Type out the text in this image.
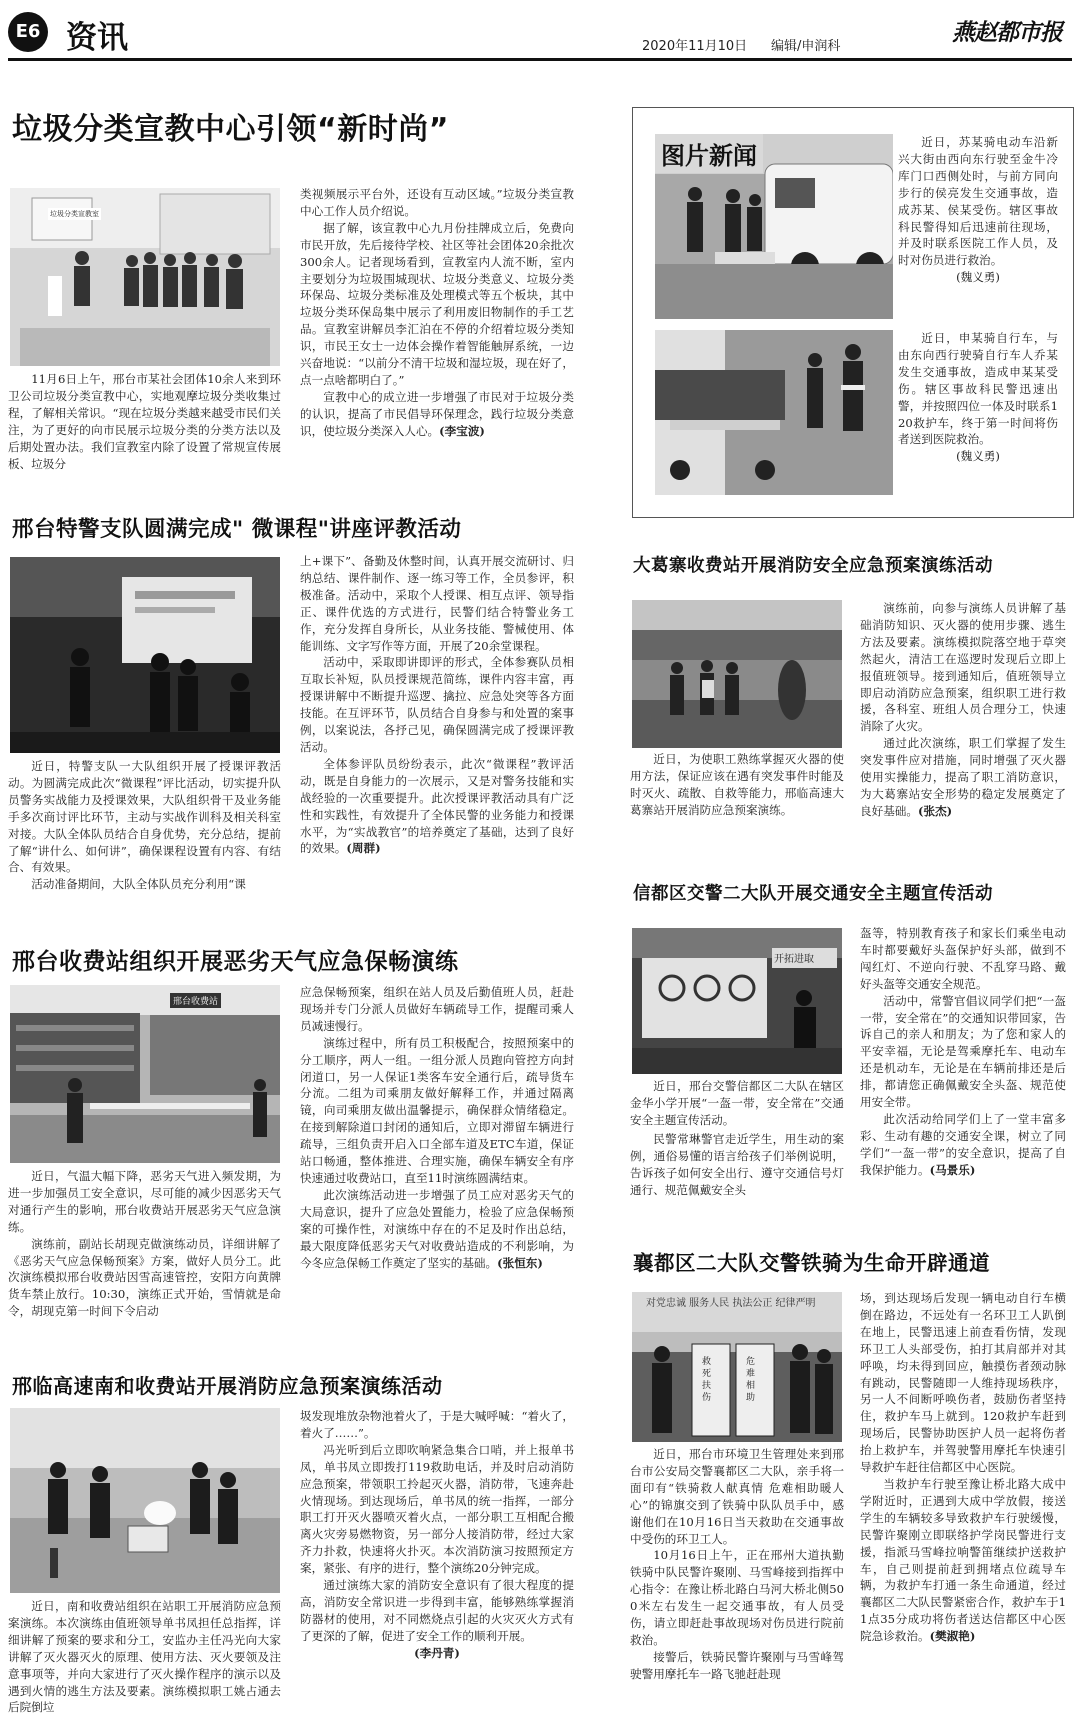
E6 资讯	2020年11月10日 编辑/申润科
燕赵都市报
垃圾分类宣教中心引领“新时尚”
垃圾分类宣教室

11月6日上午，邢台市某社会团体10余人来到环卫公司垃圾分类宣教中心，实地观摩垃圾分类收集过程，了解相关常识。“现在垃圾分类越来越受市民们关注，为了更好的向市民展示垃圾分类的分类方法以及后期处置办法。我们宣教室内除了设置了常规宣传展板、垃圾分

类视频展示平台外，还设有互动区域。”垃圾分类宣教中心工作人员介绍说。

据了解，该宣教中心九月份挂牌成立后，免费向市民开放，先后接待学校、社区等社会团体20余批次300余人。记者现场看到，宣教室内人流不断，室内主要划分为垃圾围城现状、垃圾分类意义、垃圾分类环保岛、垃圾分类标准及处理模式等五个板块，其中垃圾分类环保岛集中展示了利用废旧物制作的手工艺品。宣教室讲解员李汇泊在不停的介绍着垃圾分类知识，市民王女士一边体会操作着智能触屏系统，一边兴奋地说：“以前分不清干垃圾和湿垃圾，现在好了，点一点啥都明白了。”

宣教中心的成立进一步增强了市民对于垃圾分类的认识，提高了市民倡导环保理念，践行垃圾分类意识，使垃圾分类深入人心。(李宝波)

图片新闻	近日，苏某骑电动车沿新兴大街由西向东行驶至金牛冷库门口西侧处时，与前方同向步行的侯亮发生交通事故，造成苏某、侯某受伤。辖区事故科民警得知后迅速前往现场，并及时联系医院工作人员，及时对伤员进行救治。

(魏义勇)

近日，申某骑自行车，与由东向西行驶骑自行车人乔某发生交通事故，造成申某某受伤。辖区事故科民警迅速出警，并按照四位一体及时联系120救护车，终于第一时间将伤者送到医院救治。

(魏义勇)

邢台特警支队圆满完成" 微课程"讲座评教活动

近日，特警支队一大队组织开展了授课评教活动。为圆满完成此次“微课程”评比活动，切实提升队员警务实战能力及授课效果，大队组织骨干及业务能手多次商讨评比环节，主动与实战作训科及相关科室对接。大队全体队员结合自身优势，充分总结，提前了解“讲什么、如何讲”，确保课程设置有内容、有结合、有效果。

活动准备期间，大队全体队员充分利用“课

上+课下”、备勤及休整时间，认真开展交流研讨、归纳总结、课件制作、逐一练习等工作，全员参评，积极准备。活动中，采取个人授课、相互点评、领导指正、课件优选的方式进行，民警们结合特警业务工作，充分发挥自身所长，从业务技能、警械使用、体能训练、文字写作等方面，开展了20余堂课程。

活动中，采取即讲即评的形式，全体参赛队员相互取长补短，队员授课规范简练，课件内容丰富，再授课讲解中不断提升巡逻、擒拉、应急处突等各方面技能。在互评环节，队员结合自身参与和处置的案事例，以案说法，各抒己见，确保圆满完成了授课评教活动。

全体参评队员纷纷表示，此次“微课程”教评活动，既是自身能力的一次展示，又是对警务技能和实战经验的一次重要提升。此次授课评教活动具有广泛性和实践性，有效提升了全体民警的业务能力和授课水平，为“实战教官”的培养奠定了基础，达到了良好的效果。(周群)

大葛寨收费站开展消防安全应急预案演练活动

近日，为使职工熟练掌握灭火器的使用方法，保证应该在遇有突发事件时能及时灭火、疏散、自救等能力，邢临高速大葛寨站开展消防应急预案演练。

演练前，向参与演练人员讲解了基础消防知识、灭火器的使用步骤、逃生方法及要素。演练模拟院落空地于草突然起火，清洁工在巡逻时发现后立即上报值班领导。接到通知后，值班领导立即启动消防应急预案，组织职工进行救援，各科室、班组人员合理分工，快速消除了火灾。

通过此次演练，职工们掌握了发生突发事件应对措施，同时增强了灭火器使用实操能力，提高了职工消防意识，为大葛寨站安全形势的稳定发展奠定了良好基础。(张杰)

邢台收费站组织开展恶劣天气应急保畅演练
邢台收费站

近日，气温大幅下降，恶劣天气进入频发期，为进一步加强员工安全意识，尽可能的减少因恶劣天气对通行产生的影响，邢台收费站开展恶劣天气应急演练。

演练前，副站长胡现克做演练动员，详细讲解了《恶劣天气应急保畅预案》方案，做好人员分工。此次演练模拟邢台收费站因雪高速管控，安阳方向黄牌货车禁止放行。10:30，演练正式开始，雪情就是命令，胡现克第一时间下令启动

应急保畅预案，组织在站人员及后勤值班人员，赶赴现场并专门分派人员做好车辆疏导工作，提醒司乘人员减速慢行。

演练过程中，所有员工积极配合，按照预案中的分工顺序，两人一组。一组分派人员跑向管控方向封闭道口，另一人保证1类客车安全通行后，疏导货车分流。二组为司乘朋友做好解释工作，并通过隔离镜，向司乘朋友做出温馨提示，确保群众情绪稳定。在接到解除道口封闭的通知后，立即对滞留车辆进行疏导，三组负责开启入口全部车道及ETC车道，保证站口畅通，整体推进、合理实施，确保车辆安全有序快速通过收费站口，直至11时演练圆满结束。

此次演练活动进一步增强了员工应对恶劣天气的大局意识，提升了应急处置能力，检验了应急保畅预案的可操作性，对演练中存在的不足及时作出总结，最大限度降低恶劣天气对收费站造成的不利影响，为今冬应急保畅工作奠定了坚实的基础。(张恒东)

信都区交警二大队开展交通安全主题宣传活动
开拓进取

近日，邢台交警信都区二大队在辖区金华小学开展“一盔一带，安全常在”交通安全主题宣传活动。

民警常琳警官走近学生，用生动的案例，通俗易懂的语言给孩子们举例说明，告诉孩子如何安全出行、遵守交通信号灯通行、规范佩戴安全头

盔等，特别教育孩子和家长们乘坐电动车时都要戴好头盔保护好头部，做到不闯红灯、不逆向行驶、不乱穿马路、戴好头盔等交通安全规范。

活动中，常警官倡议同学们把“一盔一带，安全常在”的交通知识带回家，告诉自己的亲人和朋友；为了您和家人的平安幸福，无论是驾乘摩托车、电动车还是机动车，无论是在车辆前排还是后排，都请您正确佩戴安全头盔、规范使用安全带。

此次活动给同学们上了一堂丰富多彩、生动有趣的交通安全课，树立了同学们“一盔一带”的安全意识，提高了自我保护能力。(马景乐)

邢临高速南和收费站开展消防应急预案演练活动

近日，南和收费站组织在站职工开展消防应急预案演练。本次演练由值班领导单书凤担任总指挥，详细讲解了预案的要求和分工，安监办主任冯光向大家讲解了灭火器灭火的原理、使用方法、灭火要领及注意事项等，并向大家进行了灭火操作程序的演示以及遇到火情的逃生方法及要素。演练模拟职工姚占通去后院倒垃

圾发现堆放杂物池着火了，于是大喊呼喊：“着火了，着火了……”。

冯光听到后立即吹响紧急集合口哨，并上报单书凤，单书凤立即拨打119救助电话，并及时启动消防应急预案，带领职工拎起灭火器，消防带，飞速奔赴火情现场。到达现场后，单书凤的统一指挥，一部分职工打开灭火器喷灭着火点，一部分职工互相配合搬离火灾旁易燃物资，另一部分人接消防带，经过大家齐力扑救，快速将火扑灭。本次消防演习按照预定方案，紧张、有序的进行，整个演练20分钟完成。

通过演练大家的消防安全意识有了很大程度的提高，消防安全常识进一步得到丰富，能够熟练掌握消防器材的使用，对不同燃烧点引起的火灾灭火方式有了更深的了解，促进了安全工作的顺利开展。

(李丹青)

襄都区二大队交警铁骑为生命开辟通道
对党忠诚 服务人民 执法公正 纪律严明
救死扶伤
危难相助

近日，邢台市环境卫生管理处来到邢台市公安局交警襄都区二大队，亲手将一面印有“铁骑救人献真情 危难相助暖人心”的锦旗交到了铁骑中队队员手中，感谢他们在10月16日当天救助在交通事故中受伤的环卫工人。

10月16日上午，正在邢州大道执勤铁骑中队民警许聚刚、马雪峰接到指挥中心指令：在豫让桥北路白马河大桥北侧500米左右发生一起交通事故，有人员受伤，请立即赶赴事故现场对伤员进行院前救治。

接警后，铁骑民警许聚刚与马雪峰驾驶警用摩托车一路飞驰赶赴现

场，到达现场后发现一辆电动自行车横倒在路边，不远处有一名环卫工人趴倒在地上，民警迅速上前查看伤情，发现环卫工人头部受伤，拍打其肩部并对其呼唤，均未得到回应，触摸伤者颈动脉有跳动，民警随即一人维持现场秩序，另一人不间断呼唤伤者，鼓励伤者坚持住，救护车马上就到。120救护车赶到现场后，民警协助医护人员一起将伤者抬上救护车，并驾驶警用摩托车快速引导救护车赶往信都区中心医院。

当救护车行驶至豫让桥北路大成中学附近时，正遇到大成中学放假，接送学生的车辆较多导致救护车行驶缓慢，民警许聚刚立即联络护学岗民警进行支援，指派马雪峰拉响警笛继续护送救护车，自己则提前赶到拥堵点位疏导车辆，为救护车打通一条生命通道，经过襄都区二大队民警紧密合作，救护车于11点35分成功将伤者送达信都区中心医院急诊救治。(樊淑艳)
